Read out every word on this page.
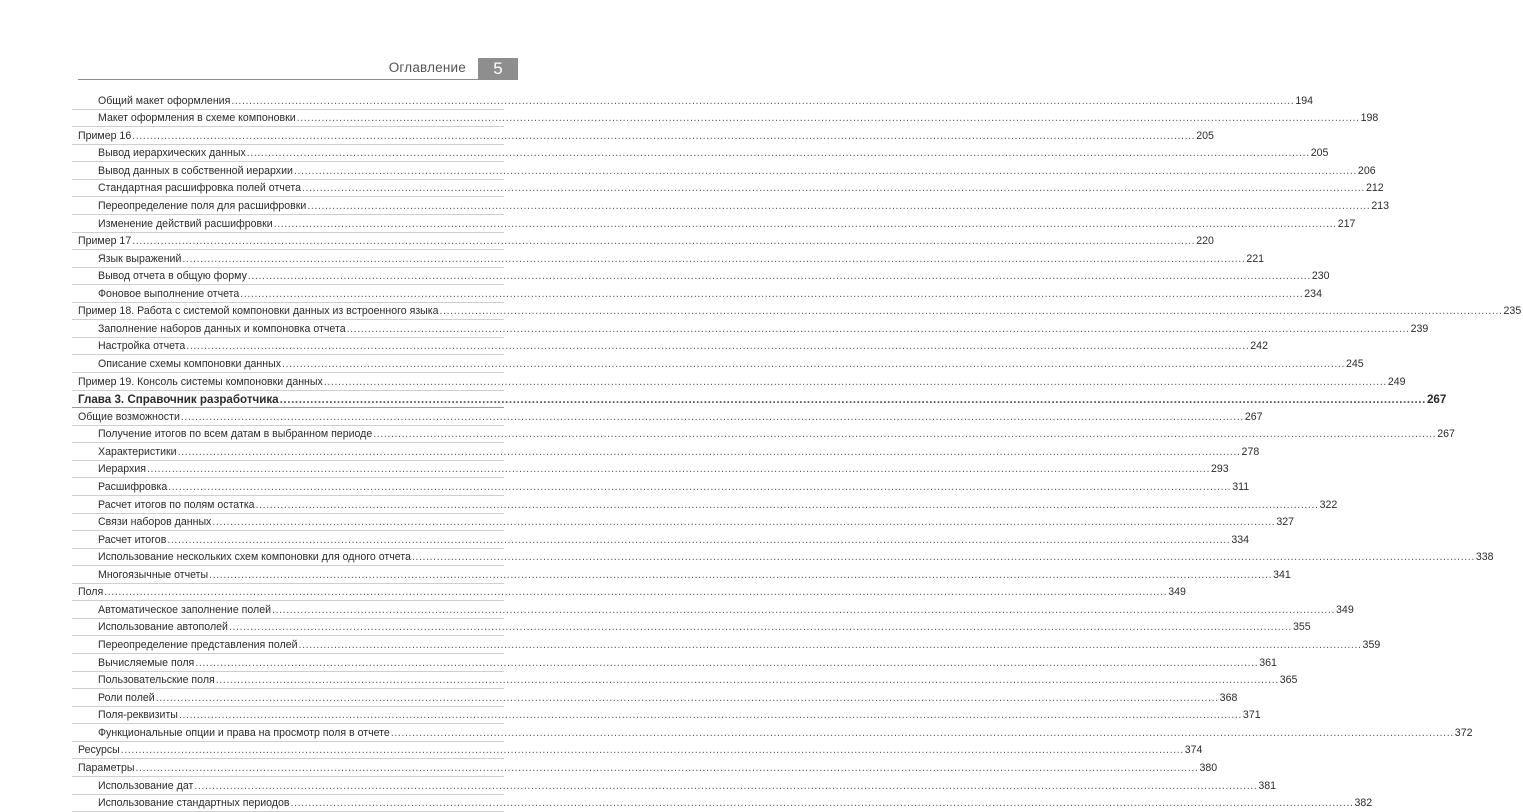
Оглавление	5
Общий макет оформления ............................................................................................................................................................................................................................................................................................................ 194
Макет оформления в схеме компоновки ............................................................................................................................................................................................................................................................................................................ 198
Пример 16 ............................................................................................................................................................................................................................................................................................................ 205
Вывод иерархических данных ............................................................................................................................................................................................................................................................................................................ 205
Вывод данных в собственной иерархии ............................................................................................................................................................................................................................................................................................................ 206
Стандартная расшифровка полей отчета ............................................................................................................................................................................................................................................................................................................ 212
Переопределение поля для расшифровки ............................................................................................................................................................................................................................................................................................................ 213
Изменение действий расшифровки ............................................................................................................................................................................................................................................................................................................ 217
Пример 17 ............................................................................................................................................................................................................................................................................................................ 220
Язык выражений ............................................................................................................................................................................................................................................................................................................ 221
Вывод отчета в общую форму ............................................................................................................................................................................................................................................................................................................ 230
Фоновое выполнение отчета ............................................................................................................................................................................................................................................................................................................ 234
Пример 18. Работа с системой компоновки данных из встроенного языка ............................................................................................................................................................................................................................................................................................................ 235
Заполнение наборов данных и компоновка отчета ............................................................................................................................................................................................................................................................................................................ 239
Настройка отчета ............................................................................................................................................................................................................................................................................................................ 242
Описание схемы компоновки данных ............................................................................................................................................................................................................................................................................................................ 245
Пример 19. Консоль системы компоновки данных ............................................................................................................................................................................................................................................................................................................ 249
Глава 3. Справочник разработчика ............................................................................................................................................................................................................................................................................................................ 267
Общие возможности ............................................................................................................................................................................................................................................................................................................ 267
Получение итогов по всем датам в выбранном периоде ............................................................................................................................................................................................................................................................................................................ 267
Характеристики ............................................................................................................................................................................................................................................................................................................ 278
Иерархия ............................................................................................................................................................................................................................................................................................................ 293
Расшифровка ............................................................................................................................................................................................................................................................................................................ 311
Расчет итогов по полям остатка ............................................................................................................................................................................................................................................................................................................ 322
Связи наборов данных ............................................................................................................................................................................................................................................................................................................ 327
Расчет итогов ............................................................................................................................................................................................................................................................................................................ 334
Использование нескольких схем компоновки для одного отчета ............................................................................................................................................................................................................................................................................................................ 338
Многоязычные отчеты ............................................................................................................................................................................................................................................................................................................ 341
Поля ............................................................................................................................................................................................................................................................................................................ 349
Автоматическое заполнение полей ............................................................................................................................................................................................................................................................................................................ 349
Использование автополей ............................................................................................................................................................................................................................................................................................................ 355
Переопределение представления полей ............................................................................................................................................................................................................................................................................................................ 359
Вычисляемые поля ............................................................................................................................................................................................................................................................................................................ 361
Пользовательские поля ............................................................................................................................................................................................................................................................................................................ 365
Роли полей ............................................................................................................................................................................................................................................................................................................ 368
Поля-реквизиты ............................................................................................................................................................................................................................................................................................................ 371
Функциональные опции и права на просмотр поля в отчете ............................................................................................................................................................................................................................................................................................................ 372
Ресурсы ............................................................................................................................................................................................................................................................................................................ 374
Параметры ............................................................................................................................................................................................................................................................................................................ 380
Использование дат ............................................................................................................................................................................................................................................................................................................ 381
Использование стандартных периодов ............................................................................................................................................................................................................................................................................................................ 382
